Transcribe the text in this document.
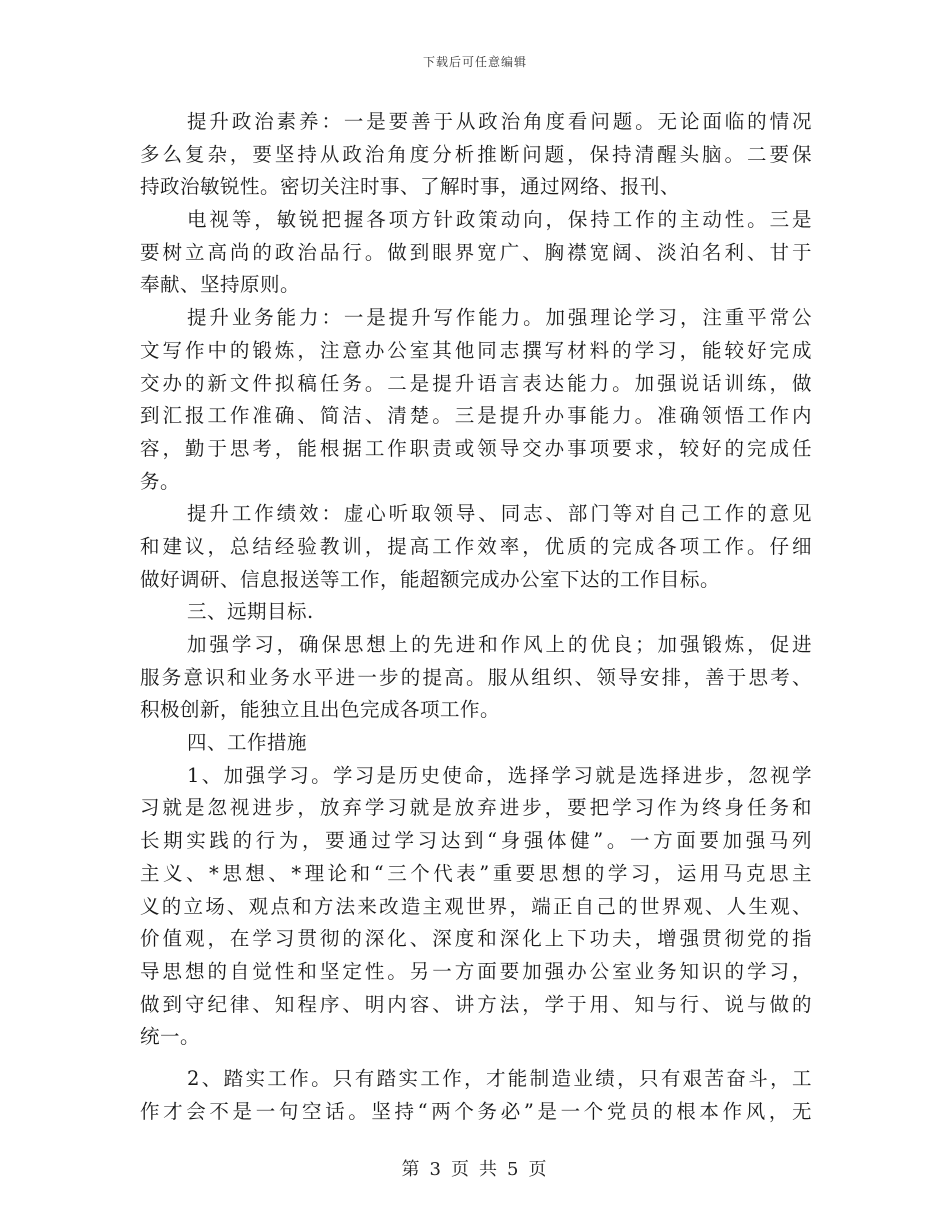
下载后可任意编辑
提升政治素养：一是要善于从政治角度看问题。无论面临的情况
多么复杂，要坚持从政治角度分析推断问题，保持清醒头脑。二要保
持政治敏锐性。密切关注时事、了解时事，通过网络、报刊、
电视等，敏锐把握各项方针政策动向，保持工作的主动性。三是
要树立高尚的政治品行。做到眼界宽广、胸襟宽阔、淡泊名利、甘于
奉献、坚持原则。
提升业务能力：一是提升写作能力。加强理论学习，注重平常公
文写作中的锻炼，注意办公室其他同志撰写材料的学习，能较好完成
交办的新文件拟稿任务。二是提升语言表达能力。加强说话训练，做
到汇报工作准确、简洁、清楚。三是提升办事能力。准确领悟工作内
容，勤于思考，能根据工作职责或领导交办事项要求，较好的完成任
务。
提升工作绩效：虚心听取领导、同志、部门等对自己工作的意见
和建议，总结经验教训，提高工作效率，优质的完成各项工作。仔细
做好调研、信息报送等工作，能超额完成办公室下达的工作目标。
三、远期目标.
加强学习，确保思想上的先进和作风上的优良；加强锻炼，促进
服务意识和业务水平进一步的提高。服从组织、领导安排，善于思考、
积极创新，能独立且出色完成各项工作。
四、工作措施
1、加强学习。学习是历史使命，选择学习就是选择进步，忽视学
习就是忽视进步，放弃学习就是放弃进步，要把学习作为终身任务和
长期实践的行为，要通过学习达到“身强体健”。一方面要加强马列
主义、*思想、*理论和“三个代表”重要思想的学习，运用马克思主
义的立场、观点和方法来改造主观世界，端正自己的世界观、人生观、
价值观，在学习贯彻的深化、深度和深化上下功夫，增强贯彻党的指
导思想的自觉性和坚定性。另一方面要加强办公室业务知识的学习，
做到守纪律、知程序、明内容、讲方法，学于用、知与行、说与做的
统一。
2、踏实工作。只有踏实工作，才能制造业绩，只有艰苦奋斗，工
作才会不是一句空话。坚持“两个务必”是一个党员的根本作风，无
第 3 页 共 5 页
